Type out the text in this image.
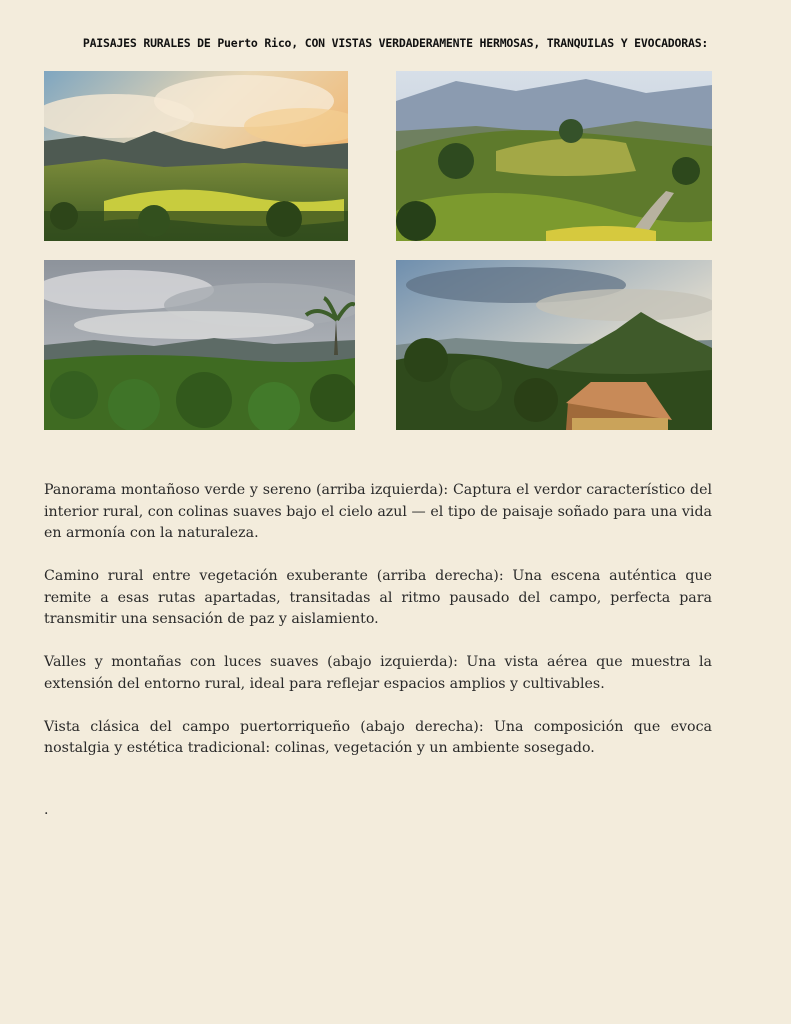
PAISAJES RURALES DE Puerto Rico, CON VISTAS VERDADERAMENTE HERMOSAS, TRANQUILAS Y EVOCADORAS:

Panorama montañoso verde y sereno (arriba izquierda): Captura el verdor característico del interior rural, con colinas suaves bajo el cielo azul — el tipo de paisaje soñado para una vida en armonía con la naturaleza.

Camino rural entre vegetación exuberante (arriba derecha): Una escena auténtica que remite a esas rutas apartadas, transitadas al ritmo pausado del campo, perfecta para transmitir una sensación de paz y aislamiento.

Valles y montañas con luces suaves (abajo izquierda): Una vista aérea que muestra la extensión del entorno rural, ideal para reflejar espacios amplios y cultivables.

Vista clásica del campo puertorriqueño (abajo derecha): Una composición que evoca nostalgia y estética tradicional: colinas, vegetación y un ambiente sosegado.

.
